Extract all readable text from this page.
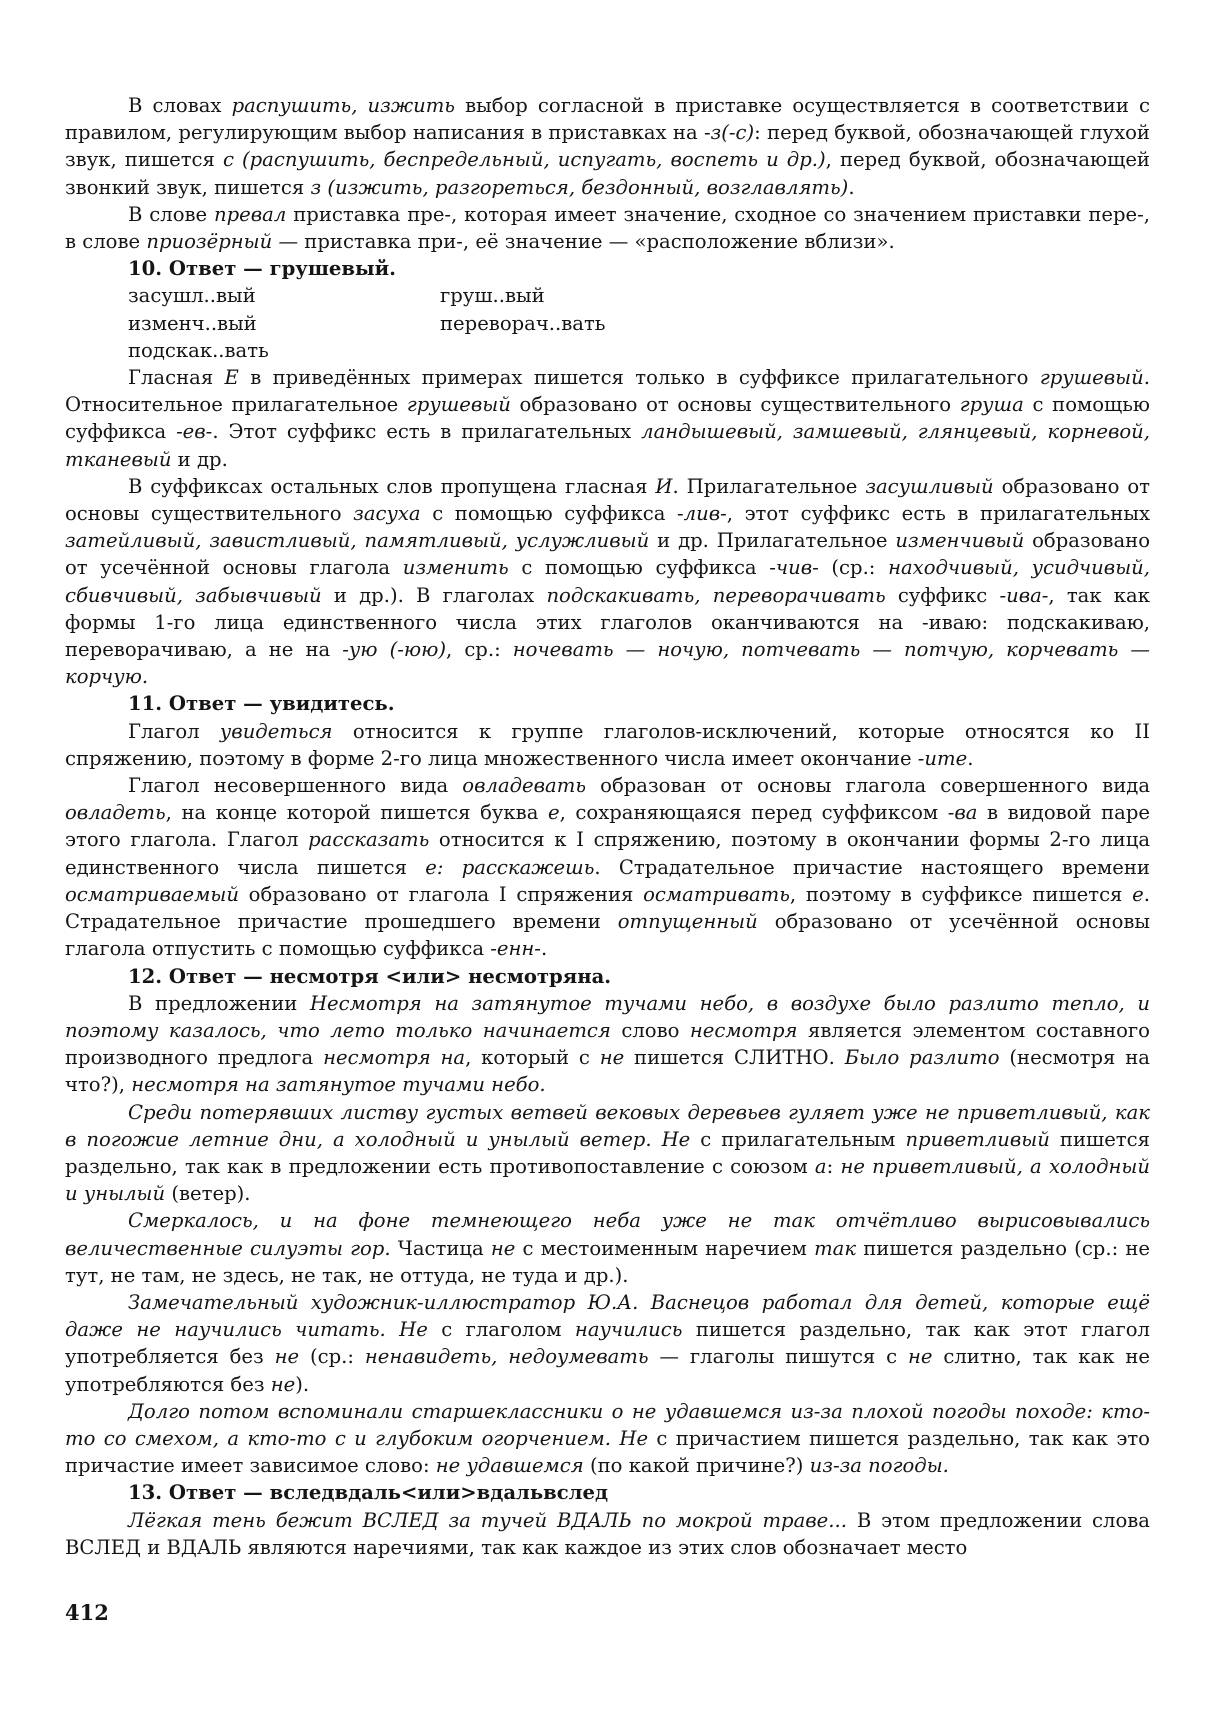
В словах распушить, изжить выбор согласной в приставке осуществляется в соответствии с правилом, регулирующим выбор написания в приставках на -з(-с): перед буквой, обозначающей глухой звук, пишется с (распушить, беспредельный, испугать, воспеть и др.), перед буквой, обозначающей звонкий звук, пишется з (изжить, разгореться, бездонный, возглавлять).

В слове превал приставка пре-, которая имеет значение, сходное со значением приставки пере-, в слове приозёрный — приставка при-, её значение — «расположение вблизи».

10. Ответ — грушевый.

засушл..вый	груш..вый
изменч..вый	переворач..вать
подскак..вать

Гласная Е в приведённых примерах пишется только в суффиксе прилагательного грушевый. Относительное прилагательное грушевый образовано от основы существительного груша с помощью суффикса -ев-. Этот суффикс есть в прилагательных ландышевый, замшевый, глянцевый, корневой, тканевый и др.

В суффиксах остальных слов пропущена гласная И. Прилагательное засушливый образовано от основы существительного засуха с помощью суффикса -лив-, этот суффикс есть в прилагательных затейливый, завистливый, памятливый, услужливый и др. Прилагательное изменчивый образовано от усечённой основы глагола изменить с помощью суффикса -чив- (ср.: находчивый, усидчивый, сбивчивый, забывчивый и др.). В глаголах подскакивать, переворачивать суффикс -ива-, так как формы 1-го лица единственного числа этих глаголов оканчиваются на -иваю: подскакиваю, переворачиваю, а не на -ую (-юю), ср.: ночевать — ночую, потчевать — потчую, корчевать — корчую.

11. Ответ — увидитесь.

Глагол увидеться относится к группе глаголов-исключений, которые относятся ко II спряжению, поэтому в форме 2-го лица множественного числа имеет окончание -ите.

Глагол несовершенного вида овладевать образован от основы глагола совершенного вида овладеть, на конце которой пишется буква е, сохраняющаяся перед суффиксом -ва в видовой паре этого глагола. Глагол рассказать относится к I спряжению, поэтому в окончании формы 2-го лица единственного числа пишется е: расскажешь. Страдательное причастие настоящего времени осматриваемый образовано от глагола I спряжения осматривать, поэтому в суффиксе пишется е. Страдательное причастие прошедшего времени отпущенный образовано от усечённой основы глагола отпустить с помощью суффикса -енн-.

12. Ответ — несмотря <или> несмотряна.

В предложении Несмотря на затянутое тучами небо, в воздухе было разлито тепло, и поэтому казалось, что лето только начинается слово несмотря является элементом составного производного предлога несмотря на, который с не пишется СЛИТНО. Было разлито (несмотря на что?), несмотря на затянутое тучами небо.

Среди потерявших листву густых ветвей вековых деревьев гуляет уже не приветливый, как в погожие летние дни, а холодный и унылый ветер. Не с прилагательным приветливый пишется раздельно, так как в предложении есть противопоставление с союзом а: не приветливый, а холодный и унылый (ветер).

Смеркалось, и на фоне темнеющего неба уже не так отчётливо вырисовывались величественные силуэты гор. Частица не с местоименным наречием так пишется раздельно (ср.: не тут, не там, не здесь, не так, не оттуда, не туда и др.).

Замечательный художник-иллюстратор Ю.А. Васнецов работал для детей, которые ещё даже не научились читать. Не с глаголом научились пишется раздельно, так как этот глагол употребляется без не (ср.: ненавидеть, недоумевать — глаголы пишутся с не слитно, так как не употребляются без не).

Долго потом вспоминали старшеклассники о не удавшемся из-за плохой погоды походе: кто-то со смехом, а кто-то с и глубоким огорчением. Не с причастием пишется раздельно, так как это причастие имеет зависимое слово: не удавшемся (по какой причине?) из-за погоды.

13. Ответ — вследвдаль<или>вдальвслед

Лёгкая тень бежит ВСЛЕД за тучей ВДАЛЬ по мокрой траве... В этом предложении слова ВСЛЕД и ВДАЛЬ являются наречиями, так как каждое из этих слов обозначает место

412
